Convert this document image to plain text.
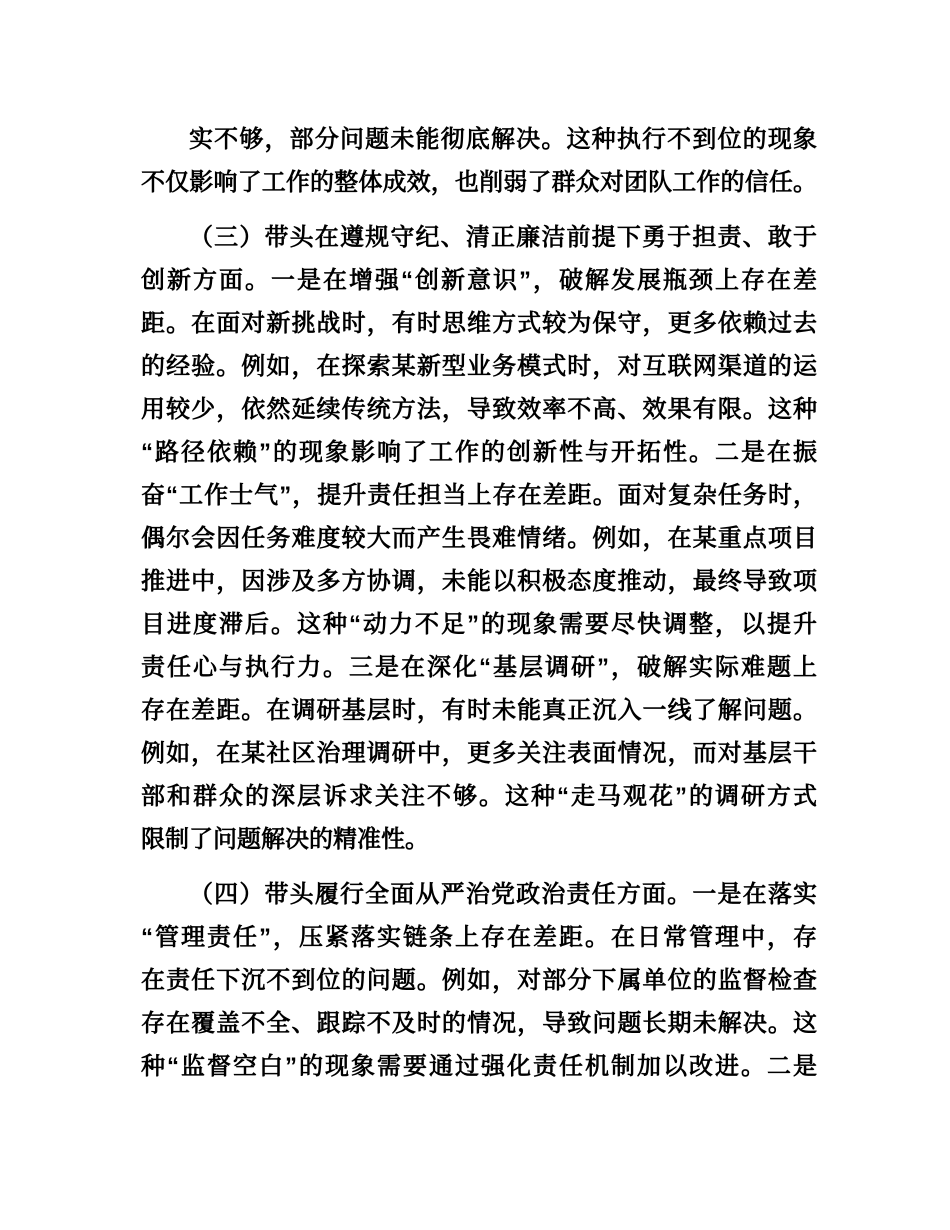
实不够，部分问题未能彻底解决。这种执行不到位的现象
不仅影响了工作的整体成效，也削弱了群众对团队工作的信任。
（三）带头在遵规守纪、清正廉洁前提下勇于担责、敢于
创新方面。一是在增强“创新意识”，破解发展瓶颈上存在差
距。在面对新挑战时，有时思维方式较为保守，更多依赖过去
的经验。例如，在探索某新型业务模式时，对互联网渠道的运
用较少，依然延续传统方法，导致效率不高、效果有限。这种
“路径依赖”的现象影响了工作的创新性与开拓性。二是在振
奋“工作士气”，提升责任担当上存在差距。面对复杂任务时，
偶尔会因任务难度较大而产生畏难情绪。例如，在某重点项目
推进中，因涉及多方协调，未能以积极态度推动，最终导致项
目进度滞后。这种“动力不足”的现象需要尽快调整，以提升
责任心与执行力。三是在深化“基层调研”，破解实际难题上
存在差距。在调研基层时，有时未能真正沉入一线了解问题。
例如，在某社区治理调研中，更多关注表面情况，而对基层干
部和群众的深层诉求关注不够。这种“走马观花”的调研方式
限制了问题解决的精准性。
（四）带头履行全面从严治党政治责任方面。一是在落实
“管理责任”，压紧落实链条上存在差距。在日常管理中，存
在责任下沉不到位的问题。例如，对部分下属单位的监督检查
存在覆盖不全、跟踪不及时的情况，导致问题长期未解决。这
种“监督空白”的现象需要通过强化责任机制加以改进。二是
